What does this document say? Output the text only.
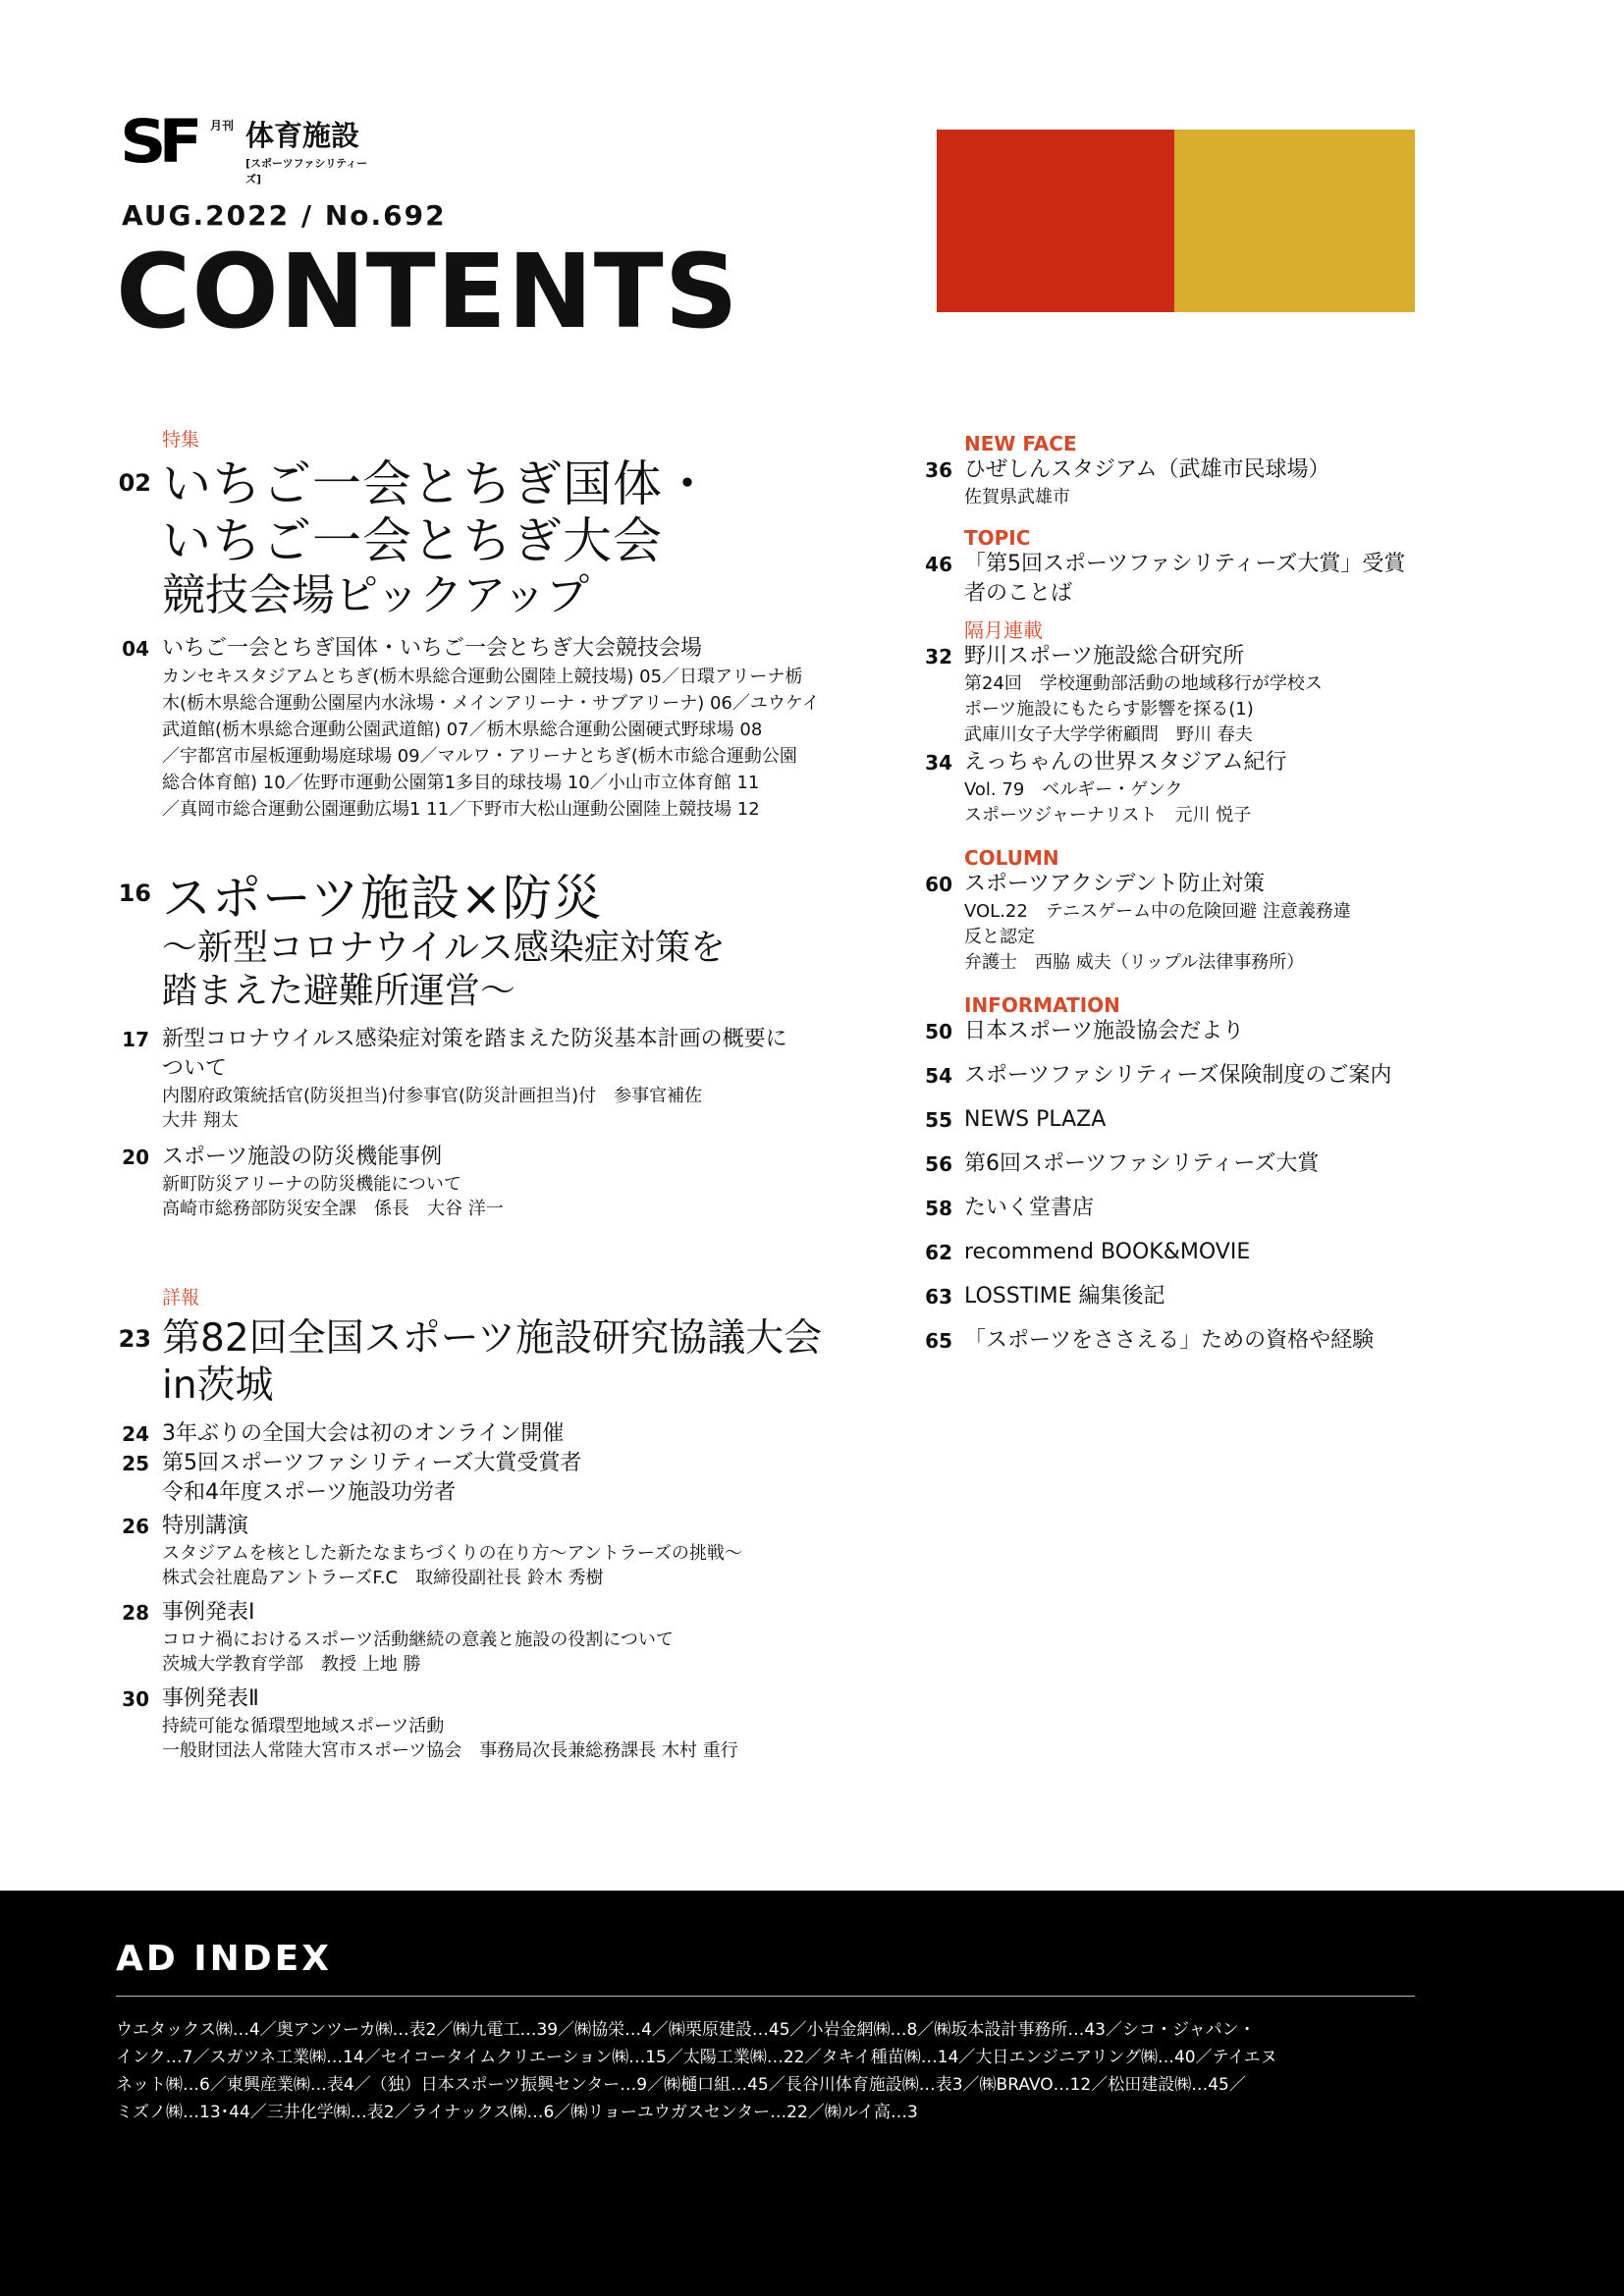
SF 月刊 体育施設
[スポーツファシリティーズ]
AUG.2022 / No.692
CONTENTS
特集
02 いちご一会とちぎ国体・
いちご一会とちぎ大会
競技会場ピックアップ
04 いちご一会とちぎ国体・いちご一会とちぎ大会競技会場
カンセキスタジアムとちぎ(栃木県総合運動公園陸上競技場) 05／日環アリーナ栃
木(栃木県総合運動公園屋内水泳場・メインアリーナ・サブアリーナ) 06／ユウケイ
武道館(栃木県総合運動公園武道館) 07／栃木県総合運動公園硬式野球場 08
／宇都宮市屋板運動場庭球場 09／マルワ・アリーナとちぎ(栃木市総合運動公園
総合体育館) 10／佐野市運動公園第1多目的球技場 10／小山市立体育館 11
／真岡市総合運動公園運動広場1 11／下野市大松山運動公園陸上競技場 12
16 スポーツ施設×防災
～新型コロナウイルス感染症対策を
踏まえた避難所運営～
17 新型コロナウイルス感染症対策を踏まえた防災基本計画の概要に
ついて
内閣府政策統括官(防災担当)付参事官(防災計画担当)付　参事官補佐
大井 翔太
20 スポーツ施設の防災機能事例
新町防災アリーナの防災機能について
高崎市総務部防災安全課　係長　大谷 洋一
詳報
23 第82回全国スポーツ施設研究協議大会
in茨城
24 3年ぶりの全国大会は初のオンライン開催
25 第5回スポーツファシリティーズ大賞受賞者
令和4年度スポーツ施設功労者
26 特別講演
スタジアムを核とした新たなまちづくりの在り方～アントラーズの挑戦～
株式会社鹿島アントラーズF.C　取締役副社長 鈴木 秀樹
28 事例発表Ⅰ
コロナ禍におけるスポーツ活動継続の意義と施設の役割について
茨城大学教育学部　教授 上地 勝
30 事例発表Ⅱ
持続可能な循環型地域スポーツ活動
一般財団法人常陸大宮市スポーツ協会　事務局次長兼総務課長 木村 重行
NEW FACE
36 ひぜしんスタジアム（武雄市民球場）
佐賀県武雄市
TOPIC
46 「第5回スポーツファシリティーズ大賞」受賞
者のことば
隔月連載
32 野川スポーツ施設総合研究所
第24回　学校運動部活動の地域移行が学校ス
ポーツ施設にもたらす影響を探る(1)
武庫川女子大学学術顧問　野川 春夫
34 えっちゃんの世界スタジアム紀行
Vol. 79　ベルギー・ゲンク
スポーツジャーナリスト　元川 悦子
COLUMN
60 スポーツアクシデント防止対策
VOL.22　テニスゲーム中の危険回避 注意義務違
反と認定
弁護士　西脇 威夫（リップル法律事務所）
INFORMATION
50 日本スポーツ施設協会だより
54 スポーツファシリティーズ保険制度のご案内
55 NEWS PLAZA
56 第6回スポーツファシリティーズ大賞
58 たいく堂書店
62 recommend BOOK&MOVIE
63 LOSSTIME 編集後記
65 「スポーツをささえる」ための資格や経験
AD INDEX
ウエタックス㈱…4／奥アンツーカ㈱…表2／㈱九電工…39／㈱協栄…4／㈱栗原建設…45／小岩金網㈱…8／㈱坂本設計事務所…43／シコ・ジャパン・
インク…7／スガツネ工業㈱…14／セイコータイムクリエーション㈱…15／太陽工業㈱…22／タキイ種苗㈱…14／大日エンジニアリング㈱…40／テイエヌ
ネット㈱…6／東興産業㈱…表4／（独）日本スポーツ振興センター…9／㈱樋口組…45／長谷川体育施設㈱…表3／㈱BRAVO…12／松田建設㈱…45／
ミズノ㈱…13･44／三井化学㈱…表2／ライナックス㈱…6／㈱リョーユウガスセンター…22／㈱ルイ高…3
